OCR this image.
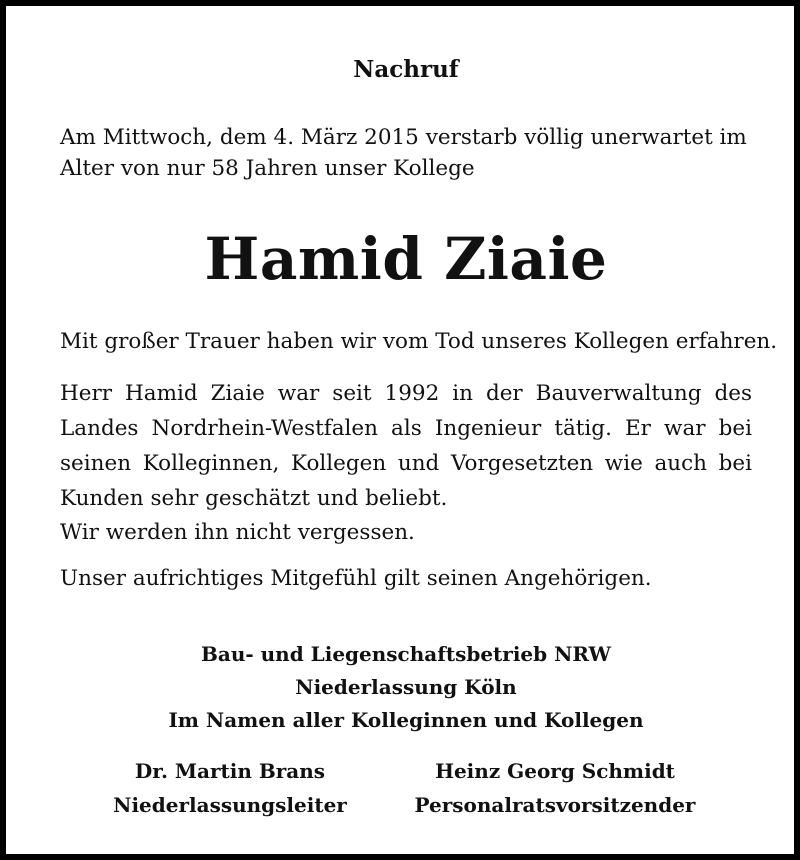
Nachruf
Am Mittwoch, dem 4. März 2015 verstarb völlig unerwartet im
Alter von nur 58 Jahren unser Kollege
Hamid Ziaie
Mit großer Trauer haben wir vom Tod unseres Kollegen erfahren.
Herr Hamid Ziaie war seit 1992 in der Bauverwaltung des
Landes Nordrhein-Westfalen als Ingenieur tätig. Er war bei
seinen Kolleginnen, Kollegen und Vorgesetzten wie auch bei
Kunden sehr geschätzt und beliebt.
Wir werden ihn nicht vergessen.
Unser aufrichtiges Mitgefühl gilt seinen Angehörigen.
Bau- und Liegenschaftsbetrieb NRW
Niederlassung Köln
Im Namen aller Kolleginnen und Kollegen
Dr. Martin Brans
Niederlassungsleiter
Heinz Georg Schmidt
Personalratsvorsitzender
